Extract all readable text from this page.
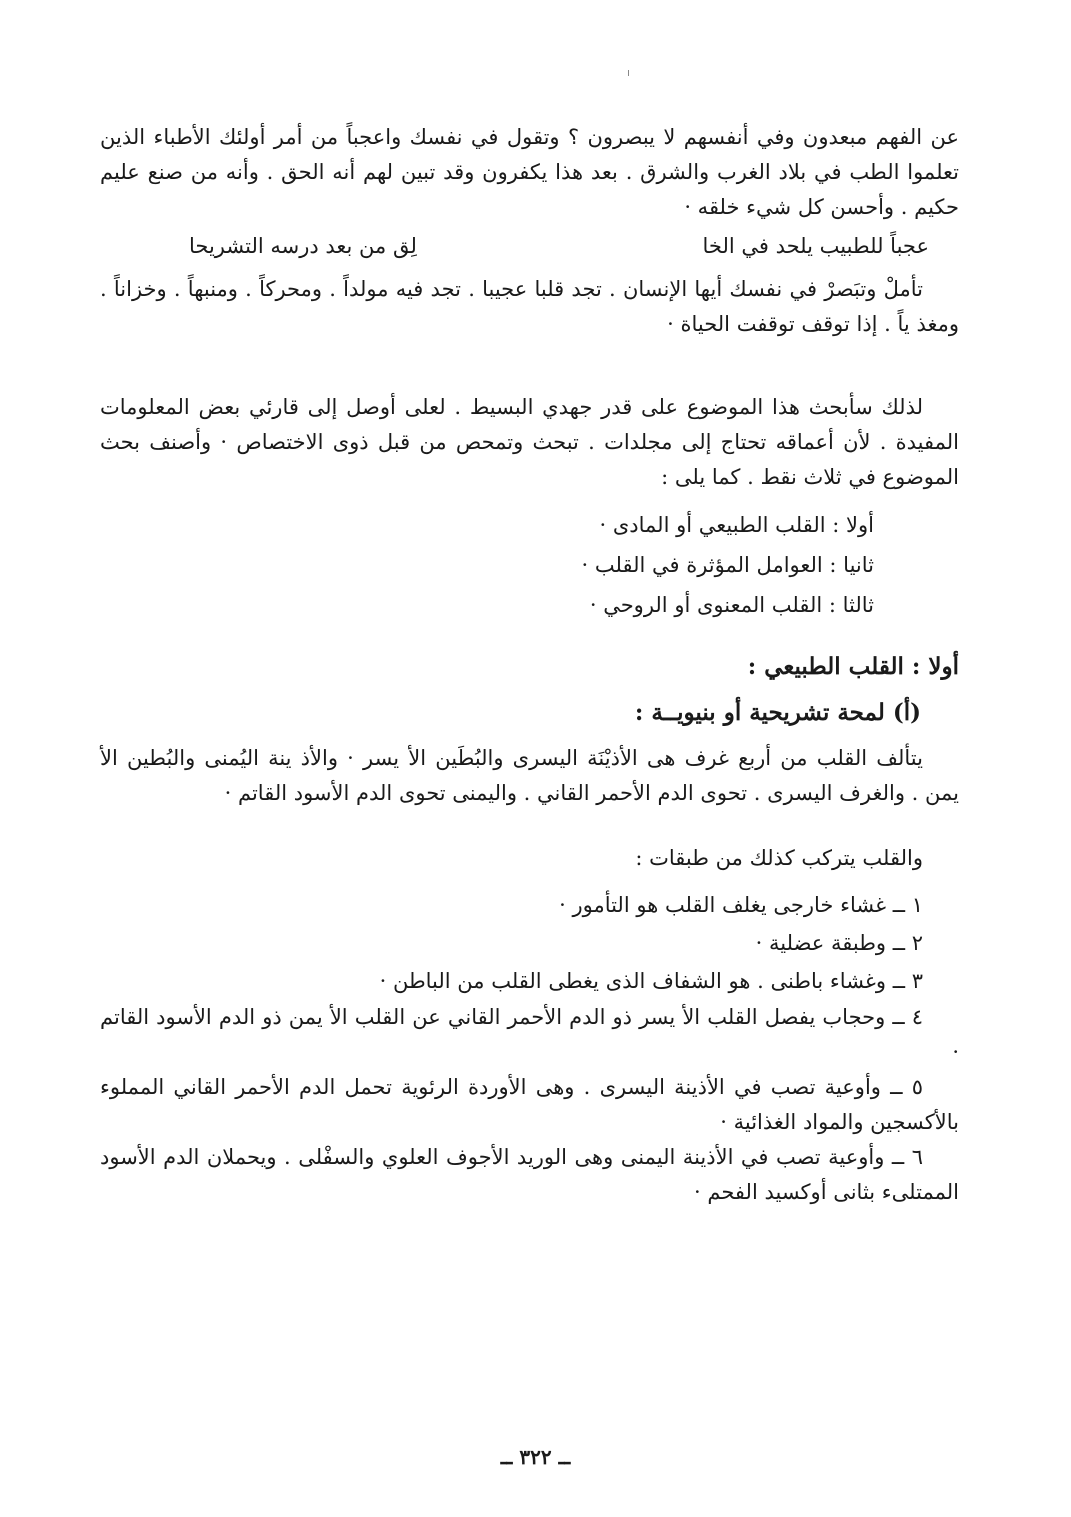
عن الفهم مبعدون وفي أنفسهم لا يبصرون ؟ وتقول في نفسك واعجباً من أمر أولئك الأطباء الذين تعلموا الطب في بلاد الغرب والشرق . بعد هذا يكفرون وقد تبين لهم أنه الحق . وأنه من صنع عليم حكيم . وأحسن كل شيء خلقه ·

عجباً للطبيب يلحد في الخا
لِق من بعد درسه التشريحا

تأملْ وتبَصرْ في نفسك أيها الإنسان . تجد قلبا عجيبا . تجد فيه مولداً . ومحركاً . ومنبهاً . وخزاناً . ومغذ ياً . إذا توقف توقفت الحياة ·

لذلك سأبحث هذا الموضوع على قدر جهدي البسيط . لعلى أوصل إلى قارئي بعض المعلومات المفيدة . لأن أعماقه تحتاج إلى مجلدات . تبحث وتمحص من قبل ذوى الاختصاص · وأصنف بحث الموضوع في ثلاث نقط . كما يلى :

أولا : القلب الطبيعي أو المادى ·
ثانيا : العوامل المؤثرة في القلب ·
ثالثا : القلب المعنوى أو الروحي ·
أولا : القلب الطبيعي :
(أ) لمحة تشريحية أو بنيويــة :

يتألف القلب من أربع غرف هى الأذيْنَة اليسرى والبُطَين الأ يسر · والأذ ينة اليُمنى والبُطين الأ يمن . والغرف اليسرى . تحوى الدم الأحمر القاني . واليمنى تحوى الدم الأسود القاتم ·

والقلب يتركب كذلك من طبقات :

١ ــ غشاء خارجى يغلف القلب هو التأمور ·

٢ ــ وطبقة عضلية ·

٣ ــ وغشاء باطنى . هو الشفاف الذى يغطى القلب من الباطن ·

٤ ــ وحجاب يفصل القلب الأ يسر ذو الدم الأحمر القاني عن القلب الأ يمن ذو الدم الأسود القاتم ·

٥ ــ وأوعية تصب في الأذينة اليسرى . وهى الأوردة الرئوية تحمل الدم الأحمر القاني المملوء بالأكسجين والمواد الغذائية ·

٦ ــ وأوعية تصب في الأذينة اليمنى وهى الوريد الأجوف العلوي والسفْلى . ويحملان الدم الأسود الممتلىء بثانى أوكسيد الفحم ·

ــ ٣٢٢ ــ
